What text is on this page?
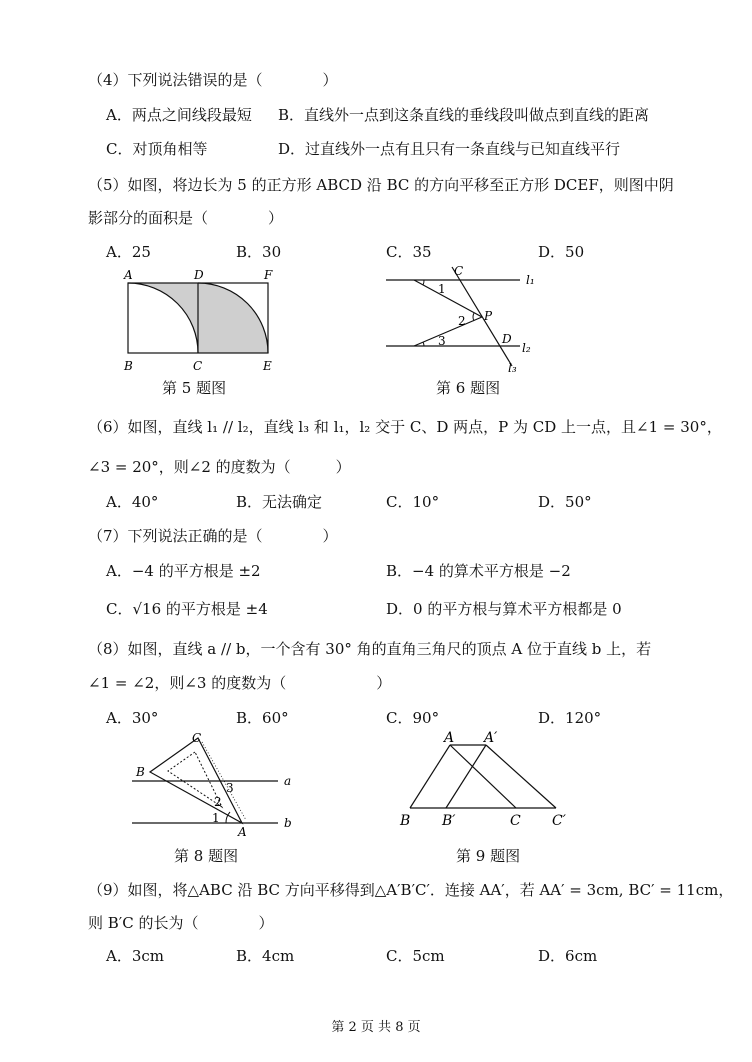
（4）下列说法错误的是（　　　　）
A．两点之间线段最短 B．直线外一点到这条直线的垂线段叫做点到直线的距离
C．对顶角相等	D．过直线外一点有且只有一条直线与已知直线平行
（5）如图，将边长为 5 的正方形 ABCD 沿 BC 的方向平移至正方形 DCEF，则图中阴
影部分的面积是（　　　　）
A．25	B．30	C．35	D．50
A	D	F
B	C	E
第 5 题图
C
l₁
1
2 P
3	D
l₂
l₃
第 6 题图
（6）如图，直线 l₁ // l₂，直线 l₃ 和 l₁，l₂ 交于 C、D 两点，P 为 CD 上一点，且∠1 = 30°，
∠3 = 20°，则∠2 的度数为（　　　）
A．40°	B．无法确定	C．10°	D．50°
（7）下列说法正确的是（　　　　）
A．−4 的平方根是 ±2	B．−4 的算术平方根是 −2
C．√16 的平方根是 ±4	D．0 的平方根与算术平方根都是 0
（8）如图，直线 a // b，一个含有 30° 角的直角三角尺的顶点 A 位于直线 b 上，若
∠1 = ∠2，则∠3 的度数为（　　　　　　）
A．30°	B．60°	C．90°	D．120°
C
B
a
3
2
1
A
b
第 8 题图
A A′
B B′	C C′
第 9 题图
（9）如图，将△ABC 沿 BC 方向平移得到△A′B′C′．连接 AA′，若 AA′ = 3cm, BC′ = 11cm，
则 B′C 的长为（　　　　）
A．3cm	B．4cm	C．5cm	D．6cm
第 2 页 共 8 页
